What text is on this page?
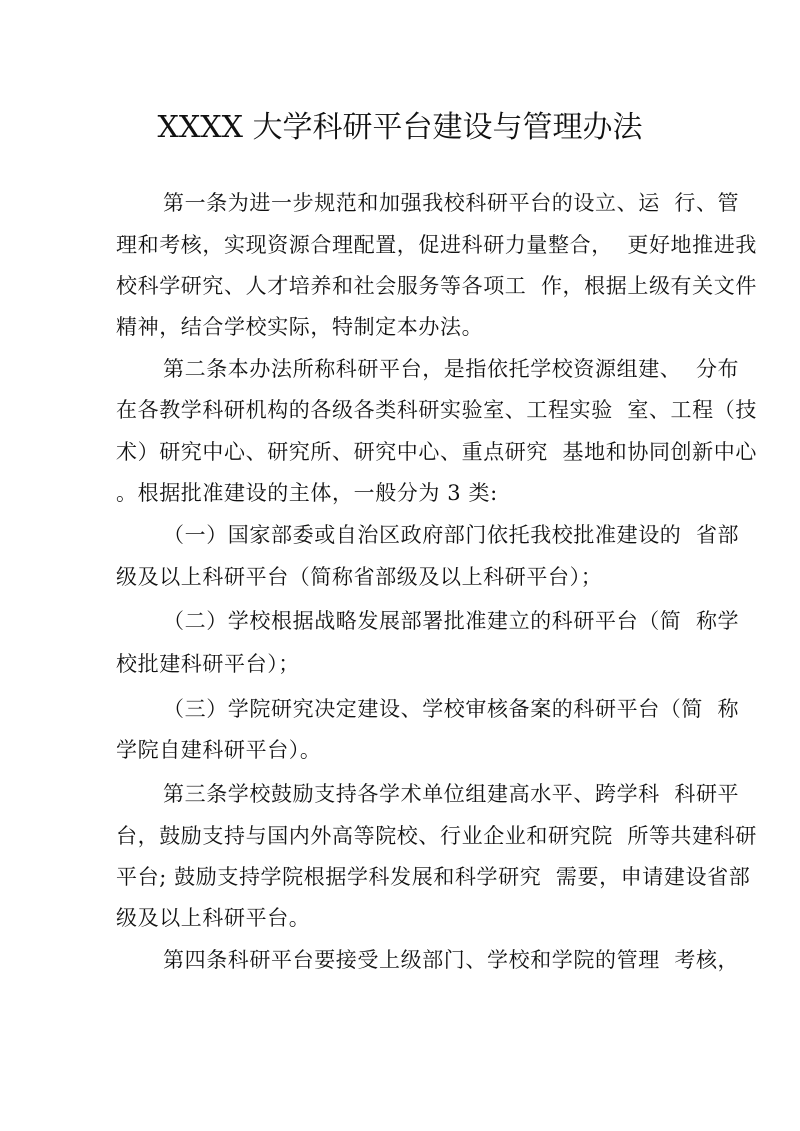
XXXX 大学科研平台建设与管理办法
第一条为进一步规范和加强我校科研平台的设立、运  行、管
理和考核，实现资源合理配置，促进科研力量整合，  更好地推进我
校科学研究、人才培养和社会服务等各项工  作，根据上级有关文件
精神，结合学校实际，特制定本办法。
第二条本办法所称科研平台，是指依托学校资源组建、  分布
在各教学科研机构的各级各类科研实验室、工程实验  室、工程（技
术）研究中心、研究所、研究中心、重点研究  基地和协同创新中心
。根据批准建设的主体，一般分为 3 类:
（一）国家部委或自治区政府部门依托我校批准建设的  省部
级及以上科研平台（简称省部级及以上科研平台）；
（二）学校根据战略发展部署批准建立的科研平台（简  称学
校批建科研平台）；
（三）学院研究决定建设、学校审核备案的科研平台（简  称
学院自建科研平台）。
第三条学校鼓励支持各学术单位组建高水平、跨学科  科研平
台，鼓励支持与国内外高等院校、行业企业和研究院  所等共建科研
平台; 鼓励支持学院根据学科发展和科学研究  需要，申请建设省部
级及以上科研平台。
第四条科研平台要接受上级部门、学校和学院的管理  考核，
